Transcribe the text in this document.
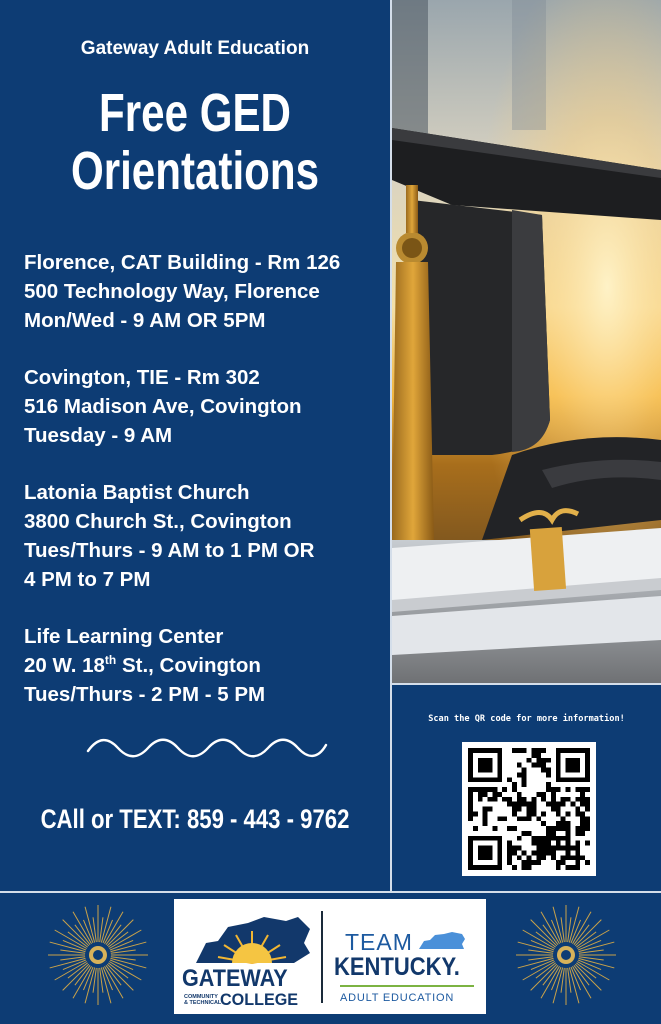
Gateway Adult Education
Free GED
Orientations
Florence, CAT Building - Rm 126
500 Technology Way, Florence
Mon/Wed - 9 AM OR 5PM
Covington, TIE - Rm 302
516 Madison Ave, Covington
Tuesday - 9 AM
Latonia Baptist Church
3800 Church St., Covington
Tues/Thurs - 9 AM to 1 PM OR
4 PM to 7 PM
Life Learning Center
20 W. 18th St., Covington
Tues/Thurs - 2 PM - 5 PM
CAll or TEXT: 859 - 443 - 9762
Scan the QR code for more information!
GATEWAY
COMMUNITY
& TECHNICAL
COLLEGE
TEAM
KENTUCKY.
ADULT EDUCATION
